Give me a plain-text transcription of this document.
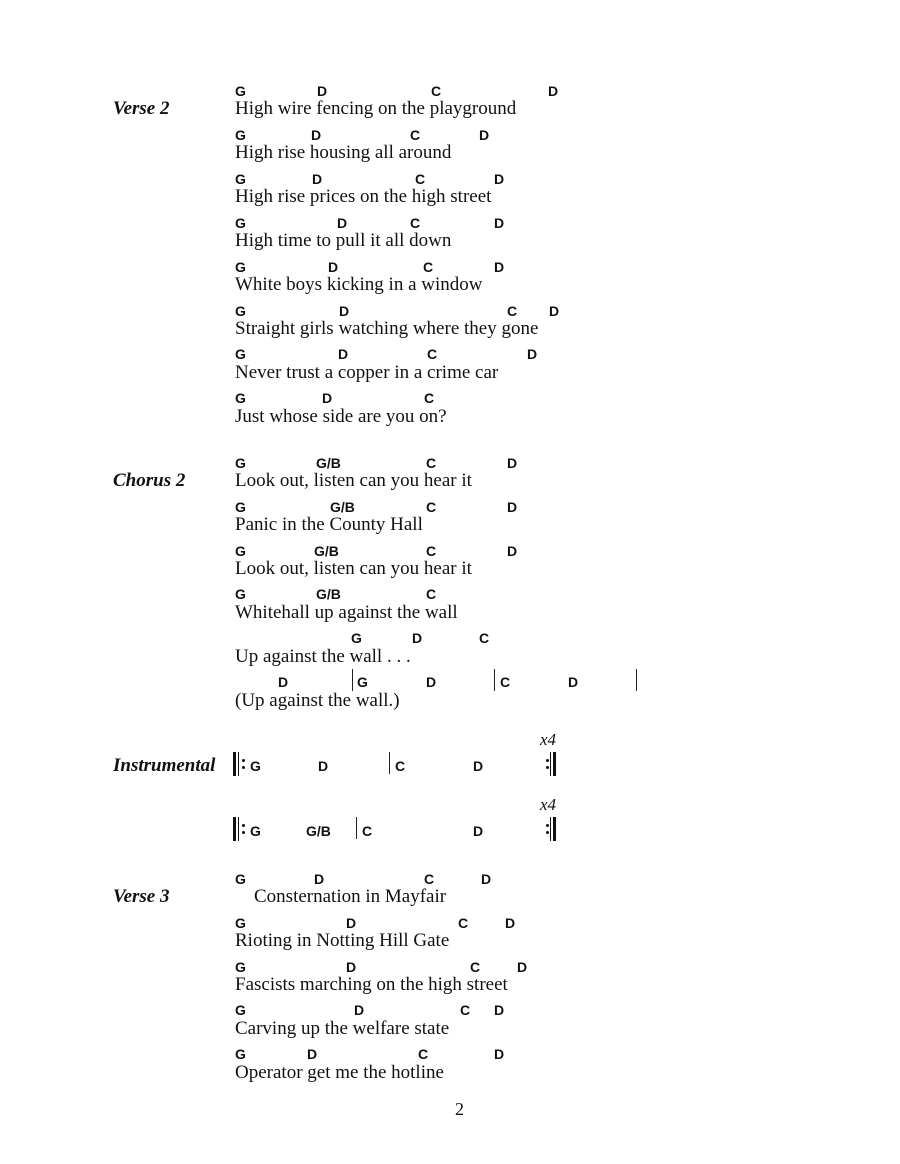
Verse 2
Chorus 2
Instrumental
Verse 3
G	D	C	D
High wire fencing on the playground
G	D	C	D
High rise housing all around
G	D	C	D
High rise prices on the high street
G	D	C	D
High time to pull it all down
G	D	C	D
White boys kicking in a window
G	D	C D
Straight girls watching where they gone
G	D	C	D
Never trust a copper in a crime car
G	D	C
Just whose side are you on?
G	G/B	C	D
Look out, listen can you hear it
G	G/B	C	D
Panic in the County Hall
G	G/B	C	D
Look out, listen can you hear it
G	G/B	C
Whitehall up against the wall
G	D	C
Up against the wall . . .
D	G	D	C	D
(Up against the wall.)
x4
G	D	C	D
x4
G	G/B C	D
G	D	C	D
Consternation in Mayfair
G	D	C	D
Rioting in Notting Hill Gate
G	D	C	D
Fascists marching on the high street
G	D	C D
Carving up the welfare state
G	D	C	D
Operator get me the hotline
2
